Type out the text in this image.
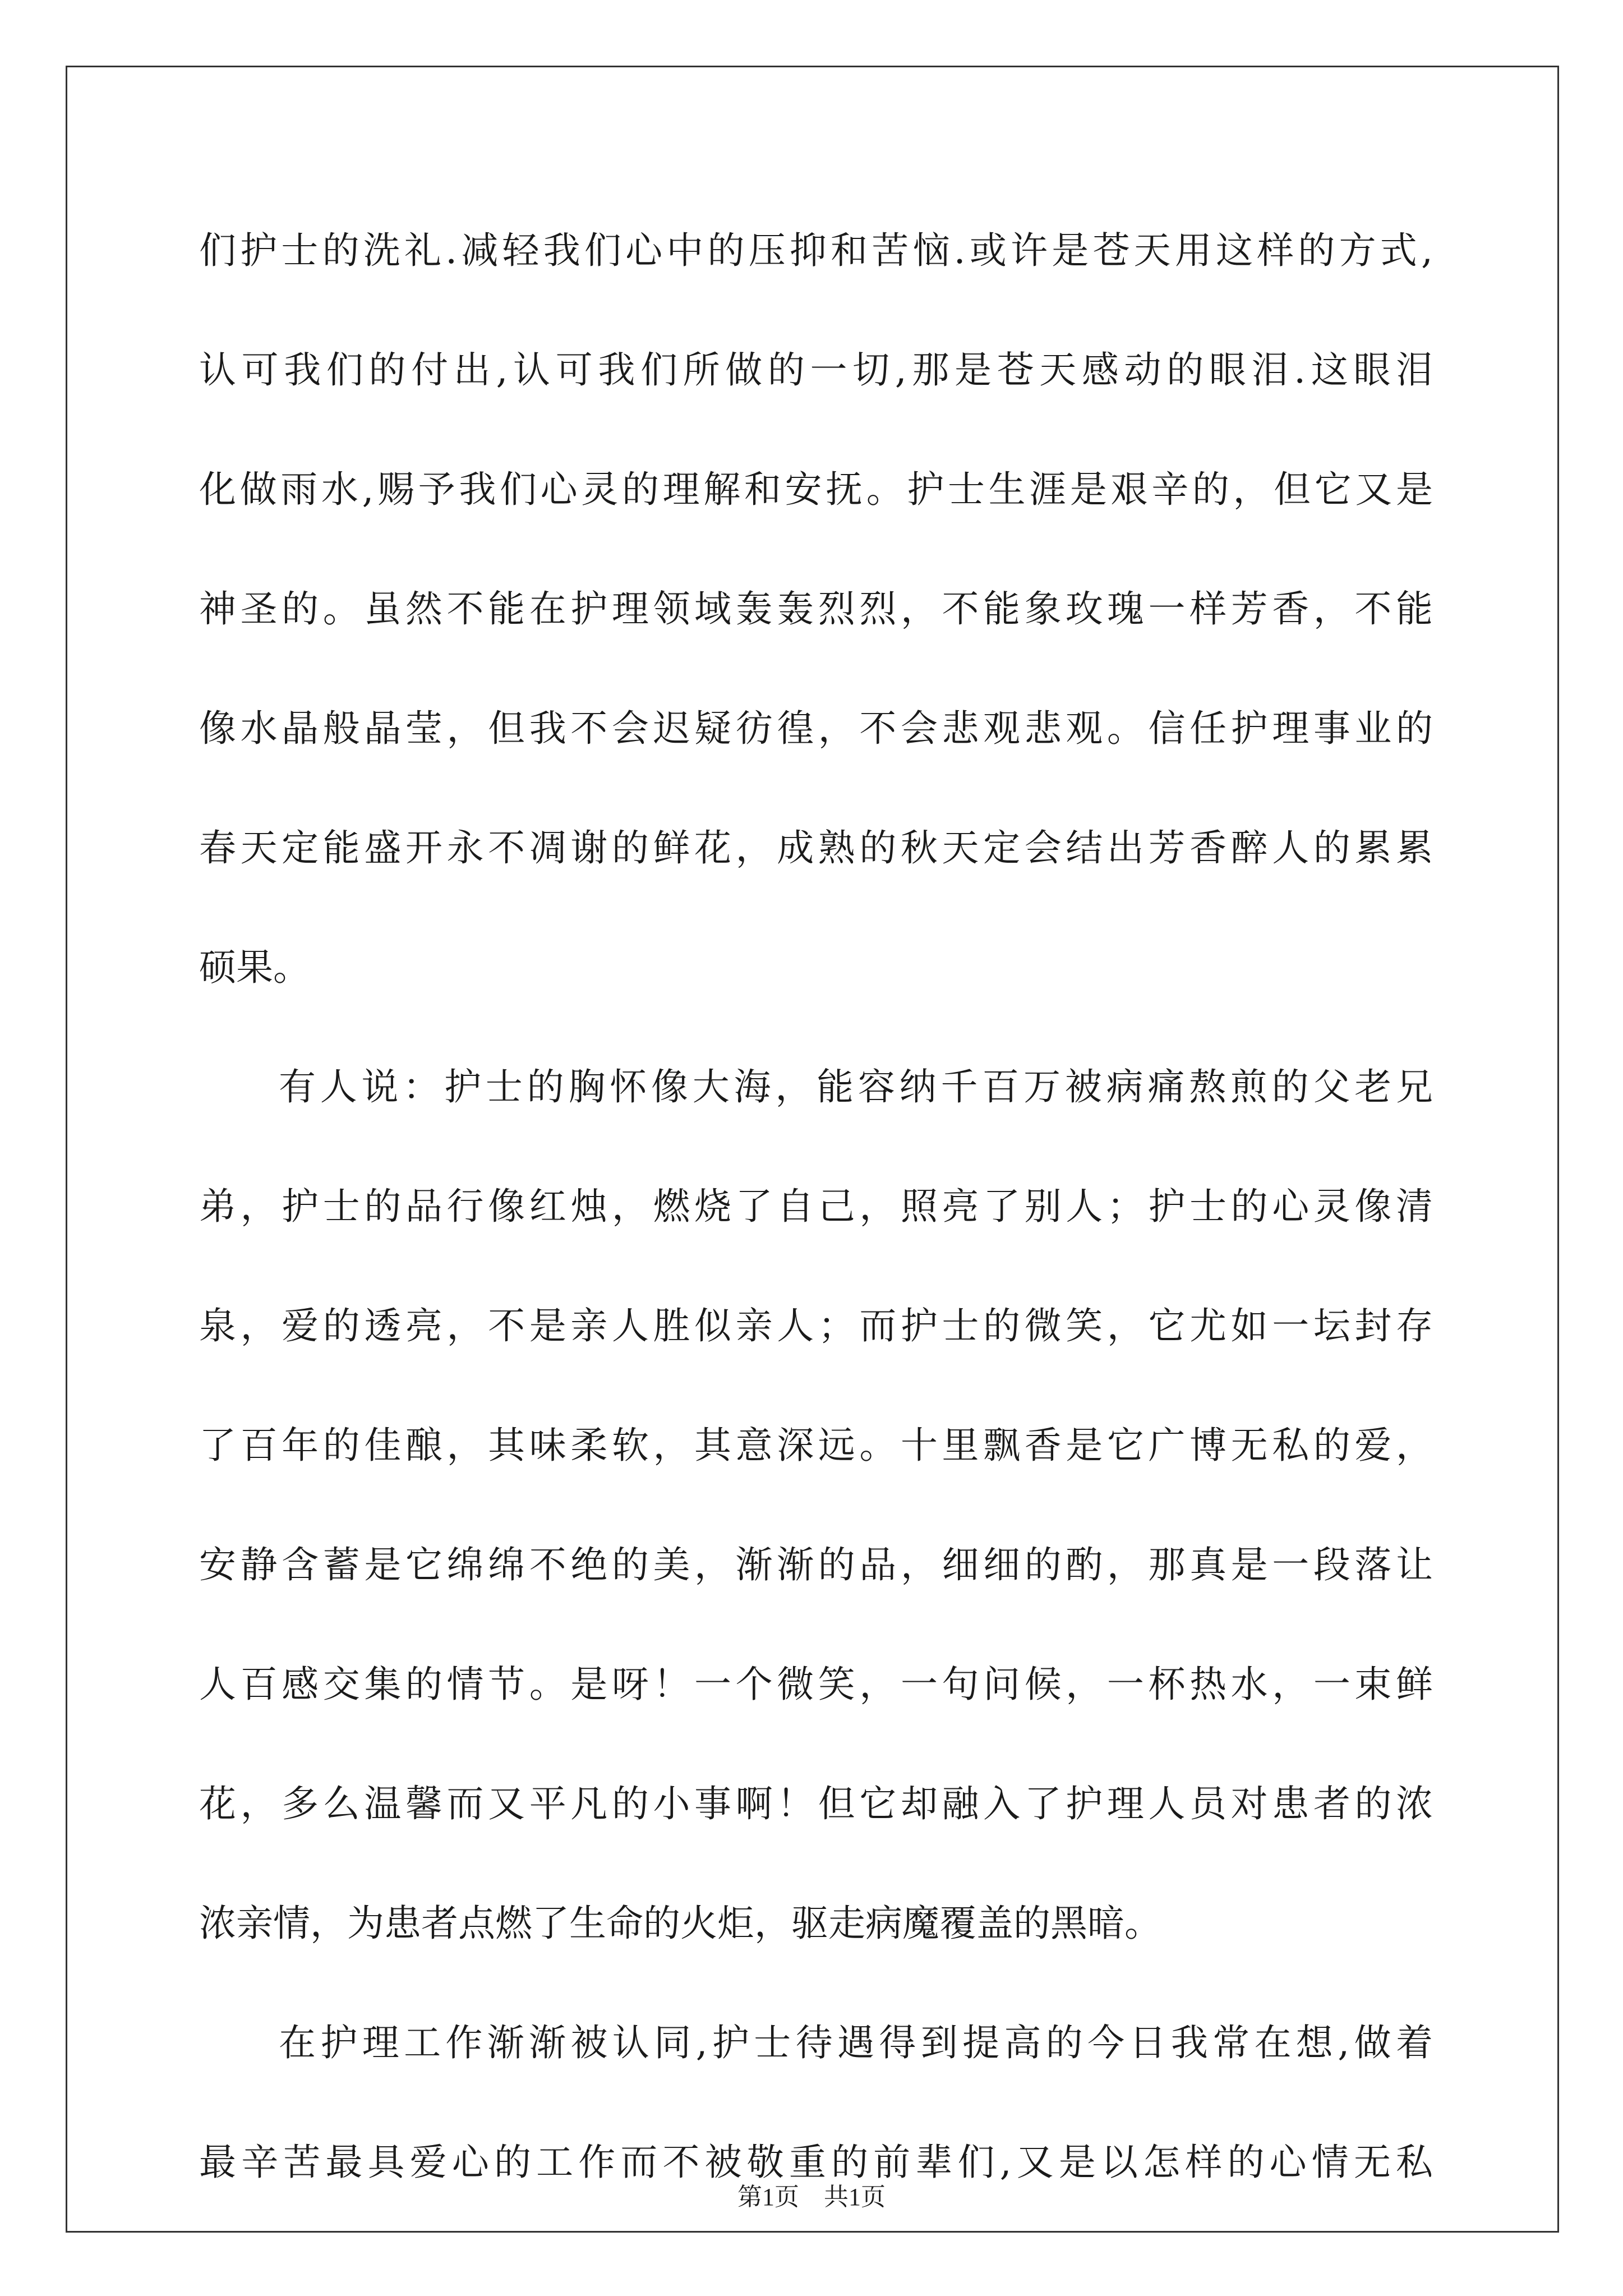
们护士的洗礼.减轻我们心中的压抑和苦恼.或许是苍天用这样的方式,
认可我们的付出,认可我们所做的一切,那是苍天感动的眼泪.这眼泪
化做雨水,赐予我们心灵的理解和安抚。护士生涯是艰辛的，但它又是
神圣的。虽然不能在护理领域轰轰烈烈，不能象玫瑰一样芳香，不能
像水晶般晶莹，但我不会迟疑彷徨，不会悲观悲观。信任护理事业的
春天定能盛开永不凋谢的鲜花，成熟的秋天定会结出芳香醉人的累累
硕果。
有人说：护士的胸怀像大海，能容纳千百万被病痛熬煎的父老兄
弟，护士的品行像红烛，燃烧了自己，照亮了别人；护士的心灵像清
泉，爱的透亮，不是亲人胜似亲人；而护士的微笑，它尤如一坛封存
了百年的佳酿，其味柔软，其意深远。十里飘香是它广博无私的爱，
安静含蓄是它绵绵不绝的美，渐渐的品，细细的酌，那真是一段落让
人百感交集的情节。是呀！一个微笑，一句问候，一杯热水，一束鲜
花，多么温馨而又平凡的小事啊！但它却融入了护理人员对患者的浓
浓亲情，为患者点燃了生命的火炬，驱走病魔覆盖的黑暗。
在护理工作渐渐被认同,护士待遇得到提高的今日我常在想,做着
最辛苦最具爱心的工作而不被敬重的前辈们,又是以怎样的心情无私
第1页 共1页
